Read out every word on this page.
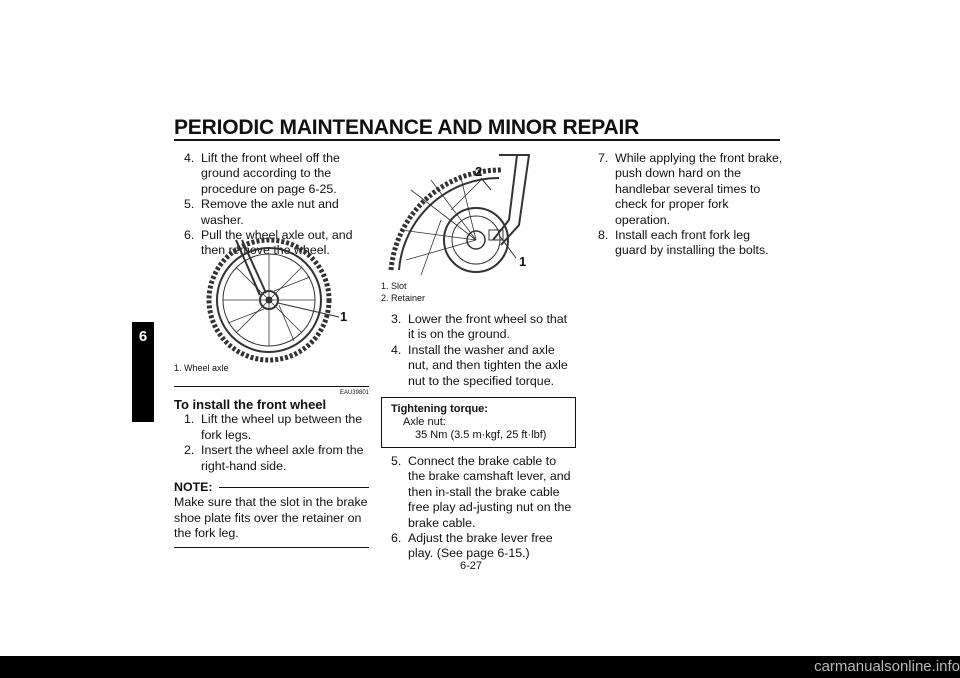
PERIODIC MAINTENANCE AND MINOR REPAIR
6

4. Lift the front wheel off the ground according to the procedure on page 6-25.

5. Remove the axle nut and washer.

6. Pull the wheel axle out, and then remove the wheel.

1
1. Wheel axle
EAU39801
To install the front wheel

1. Lift the wheel up between the fork legs.

2. Insert the wheel axle from the right-hand side.

NOTE:
Make sure that the slot in the brake shoe plate fits over the retainer on the fork leg.
2
1
1. Slot
2. Retainer

3. Lower the front wheel so that it is on the ground.

4. Install the washer and axle nut, and then tighten the axle nut to the specified torque.

Tightening torque:
Axle nut:
35 Nm (3.5 m·kgf, 25 ft·lbf)

5. Connect the brake cable to the brake camshaft lever, and then in-stall the brake cable free play ad-justing nut on the brake cable.

6. Adjust the brake lever free play. (See page 6-15.)

7. While applying the front brake, push down hard on the handlebar several times to check for proper fork operation.

8. Install each front fork leg guard by installing the bolts.

6-27
carmanualsonline.info
